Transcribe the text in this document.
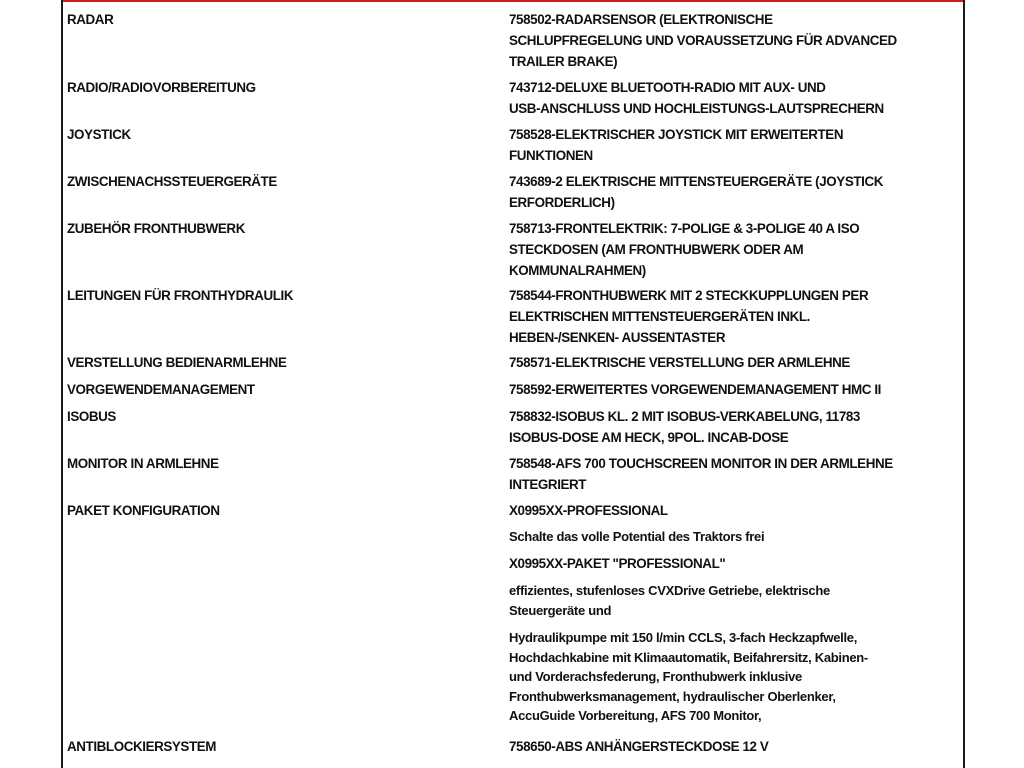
RADAR	758502-RADARSENSOR (ELEKTRONISCHE
SCHLUPFREGELUNG UND VORAUSSETZUNG FÜR ADVANCED
TRAILER BRAKE)
RADIO/RADIOVORBEREITUNG	743712-DELUXE BLUETOOTH-RADIO MIT AUX- UND
USB-ANSCHLUSS UND HOCHLEISTUNGS-LAUTSPRECHERN
JOYSTICK	758528-ELEKTRISCHER JOYSTICK MIT ERWEITERTEN
FUNKTIONEN
ZWISCHENACHSSTEUERGERÄTE	743689-2 ELEKTRISCHE MITTENSTEUERGERÄTE (JOYSTICK
ERFORDERLICH)
ZUBEHÖR FRONTHUBWERK	758713-FRONTELEKTRIK: 7-POLIGE & 3-POLIGE 40 A ISO
STECKDOSEN (AM FRONTHUBWERK ODER AM
KOMMUNALRAHMEN)
LEITUNGEN FÜR FRONTHYDRAULIK	758544-FRONTHUBWERK MIT 2 STECKKUPPLUNGEN PER
ELEKTRISCHEN MITTENSTEUERGERÄTEN INKL.
HEBEN-/SENKEN- AUSSENTASTER
VERSTELLUNG BEDIENARMLEHNE	758571-ELEKTRISCHE VERSTELLUNG DER ARMLEHNE
VORGEWENDEMANAGEMENT	758592-ERWEITERTES VORGEWENDEMANAGEMENT HMC II
ISOBUS	758832-ISOBUS KL. 2 MIT ISOBUS-VERKABELUNG, 11783
ISOBUS-DOSE AM HECK, 9POL. INCAB-DOSE
MONITOR IN ARMLEHNE	758548-AFS 700 TOUCHSCREEN MONITOR IN DER ARMLEHNE
INTEGRIERT
PAKET KONFIGURATION	X0995XX-PROFESSIONAL
Schalte das volle Potential des Traktors frei
X0995XX-PAKET "PROFESSIONAL"
effizientes, stufenloses CVXDrive Getriebe, elektrische
Steuergeräte und
Hydraulikpumpe mit 150 l/min CCLS, 3-fach Heckzapfwelle,
Hochdachkabine mit Klimaautomatik, Beifahrersitz, Kabinen-
und Vorderachsfederung, Fronthubwerk inklusive
Fronthubwerksmanagement, hydraulischer Oberlenker,
AccuGuide Vorbereitung, AFS 700 Monitor,
ANTIBLOCKIERSYSTEM	758650-ABS ANHÄNGERSTECKDOSE 12 V
